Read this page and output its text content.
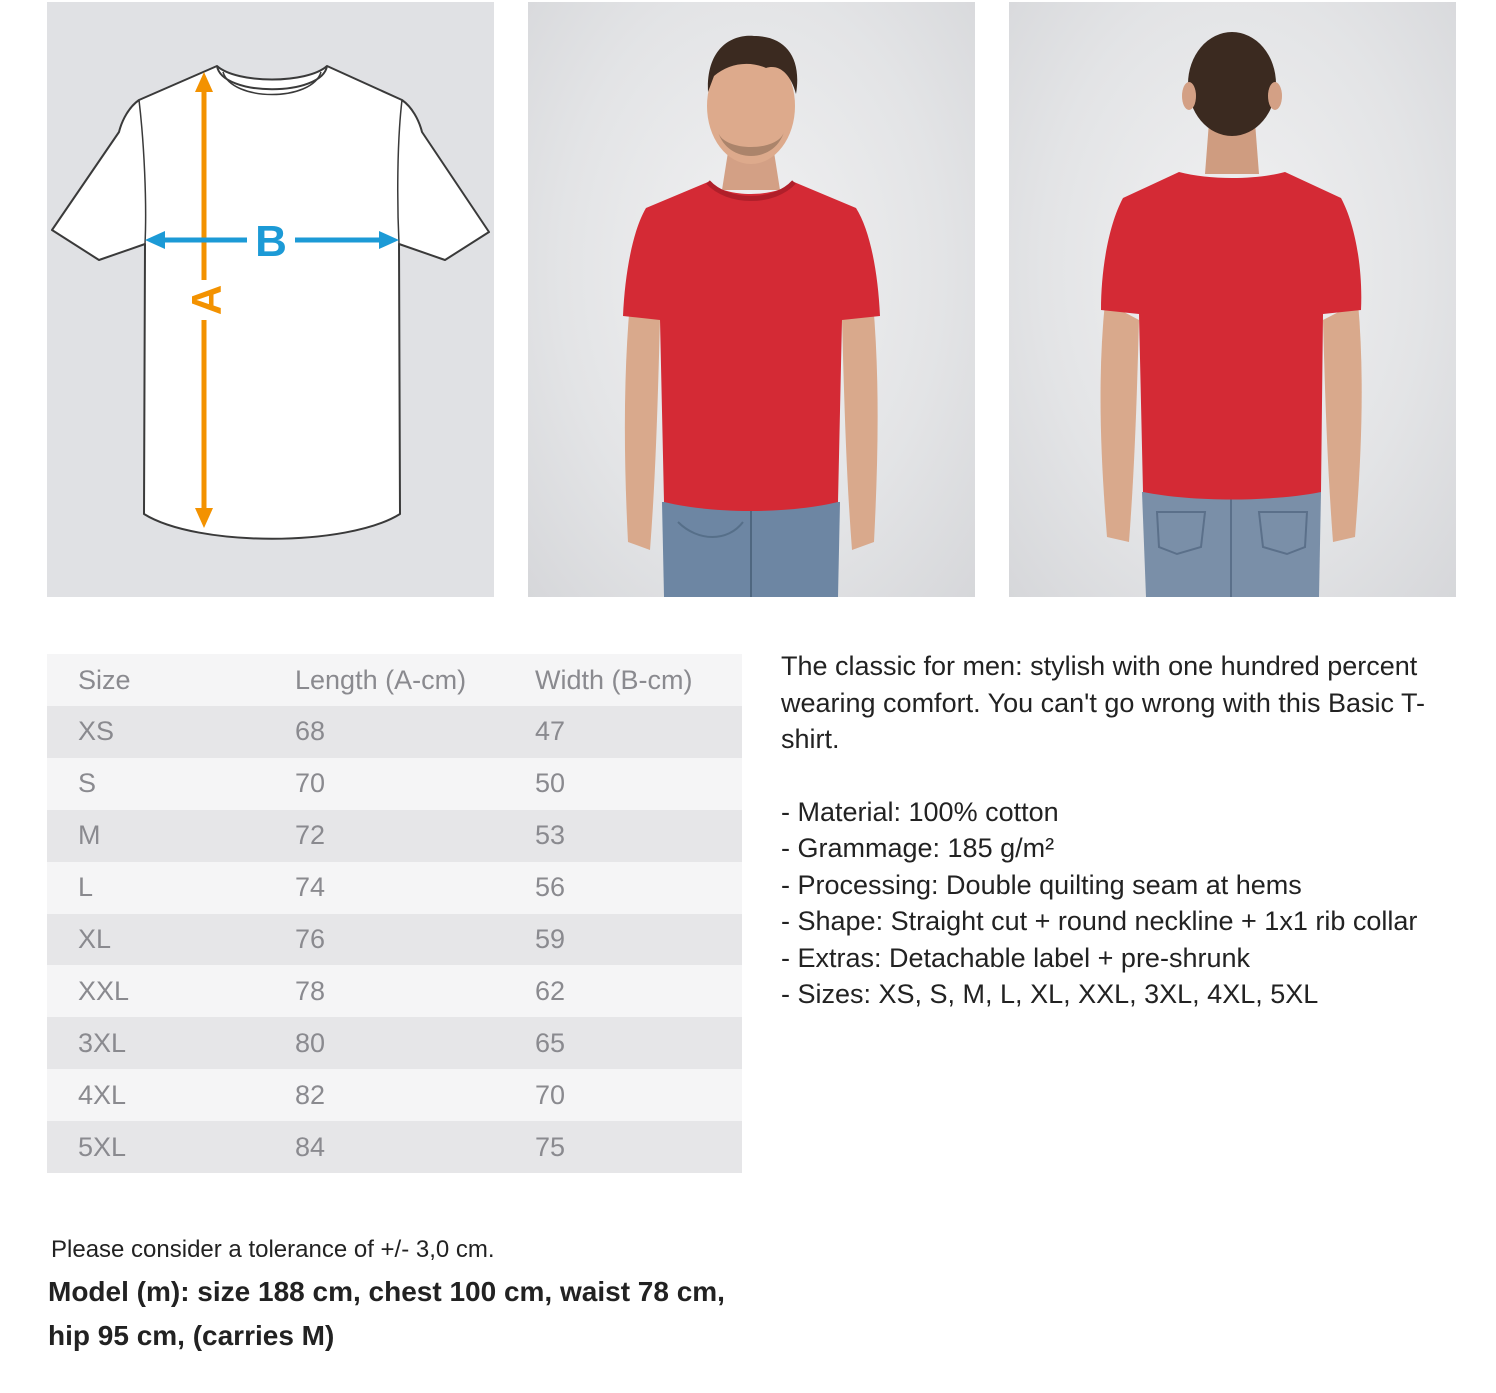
A
B
Size	Length (A-cm)	Width (B-cm)
XS	68	47
S	70	50
M	72	53
L	74	56
XL	76	59
XXL	78	62
3XL	80	65
4XL	82	70
5XL	84	75

The classic for men: stylish with one hundred percent wearing comfort. You can't go wrong with this Basic T-shirt.

- Material: 100% cotton
- Grammage: 185 g/m²
- Processing: Double quilting seam at hems
- Shape: Straight cut + round neckline + 1x1 rib collar
- Extras: Detachable label + pre-shrunk
- Sizes: XS, S, M, L, XL, XXL, 3XL, 4XL, 5XL
Please consider a tolerance of +/- 3,0 cm.
Model (m): size 188 cm, chest 100 cm, waist 78 cm, hip 95 cm, (carries M)
